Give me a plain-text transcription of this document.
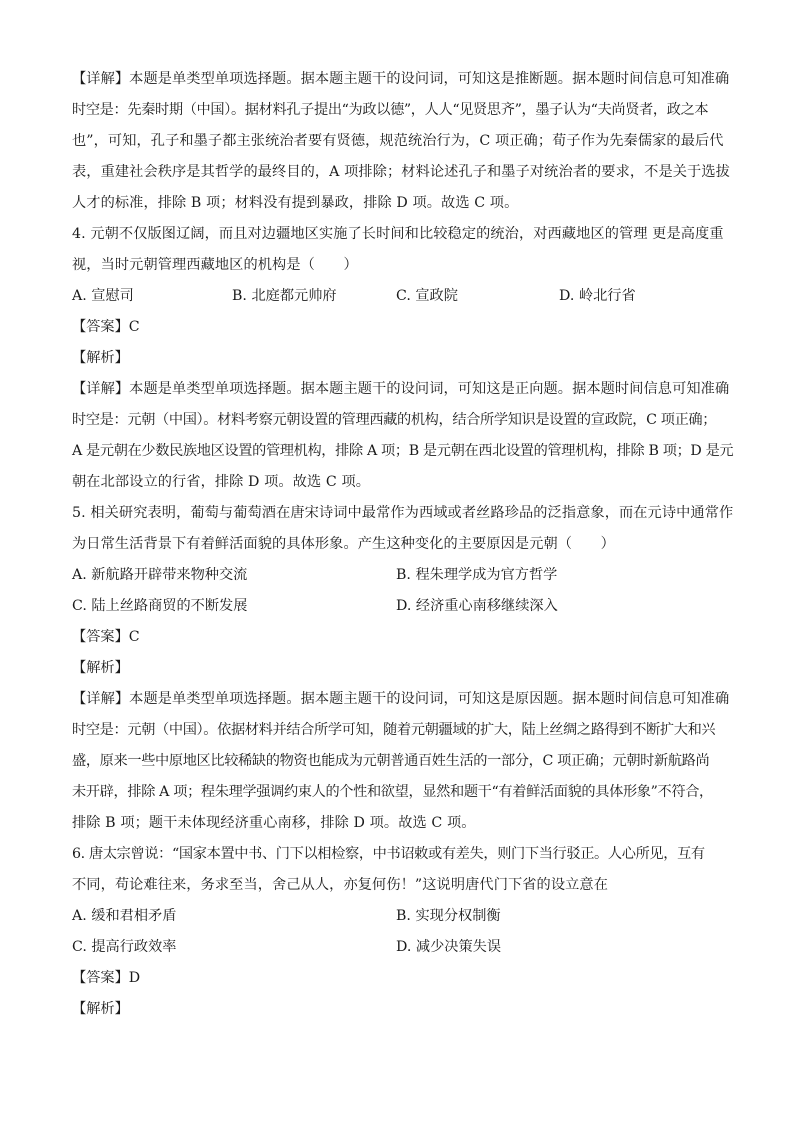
【详解】本题是单类型单项选择题。据本题主题干的设问词，可知这是推断题。据本题时间信息可知准确
时空是：先秦时期（中国）。据材料孔子提出“为政以德”，人人“见贤思齐”，墨子认为“夫尚贤者，政之本
也”，可知，孔子和墨子都主张统治者要有贤德，规范统治行为，C 项正确；荀子作为先秦儒家的最后代
表，重建社会秩序是其哲学的最终目的，A 项排除；材料论述孔子和墨子对统治者的要求，不是关于选拔
人才的标准，排除 B 项；材料没有提到暴政，排除 D 项。故选 C 项。
4. 元朝不仅版图辽阔，而且对边疆地区实施了长时间和比较稳定的统治，对西藏地区的管理 更是高度重
视，当时元朝管理西藏地区的机构是（　　）
A. 宣慰司	B. 北庭都元帅府	C. 宣政院	D. 岭北行省
【答案】C
【解析】
【详解】本题是单类型单项选择题。据本题主题干的设问词，可知这是正向题。据本题时间信息可知准确
时空是：元朝（中国）。材料考察元朝设置的管理西藏的机构，结合所学知识是设置的宣政院，C 项正确；
A 是元朝在少数民族地区设置的管理机构，排除 A 项；B 是元朝在西北设置的管理机构，排除 B 项；D 是元
朝在北部设立的行省，排除 D 项。故选 C 项。
5. 相关研究表明，葡萄与葡萄酒在唐宋诗词中最常作为西域或者丝路珍品的泛指意象，而在元诗中通常作
为日常生活背景下有着鲜活面貌的具体形象。产生这种变化的主要原因是元朝（　　）
A. 新航路开辟带来物种交流	B. 程朱理学成为官方哲学
C. 陆上丝路商贸的不断发展	D. 经济重心南移继续深入
【答案】C
【解析】
【详解】本题是单类型单项选择题。据本题主题干的设问词，可知这是原因题。据本题时间信息可知准确
时空是：元朝（中国）。依据材料并结合所学可知，随着元朝疆域的扩大，陆上丝绸之路得到不断扩大和兴
盛，原来一些中原地区比较稀缺的物资也能成为元朝普通百姓生活的一部分，C 项正确；元朝时新航路尚
未开辟，排除 A 项；程朱理学强调约束人的个性和欲望，显然和题干“有着鲜活面貌的具体形象”不符合，
排除 B 项；题干未体现经济重心南移，排除 D 项。故选 C 项。
6. 唐太宗曾说：“国家本置中书、门下以相检察，中书诏敕或有差失，则门下当行驳正。人心所见，互有
不同，苟论难往来，务求至当，舍己从人，亦复何伤！”这说明唐代门下省的设立意在
A. 缓和君相矛盾	B. 实现分权制衡
C. 提高行政效率	D. 减少决策失误
【答案】D
【解析】
